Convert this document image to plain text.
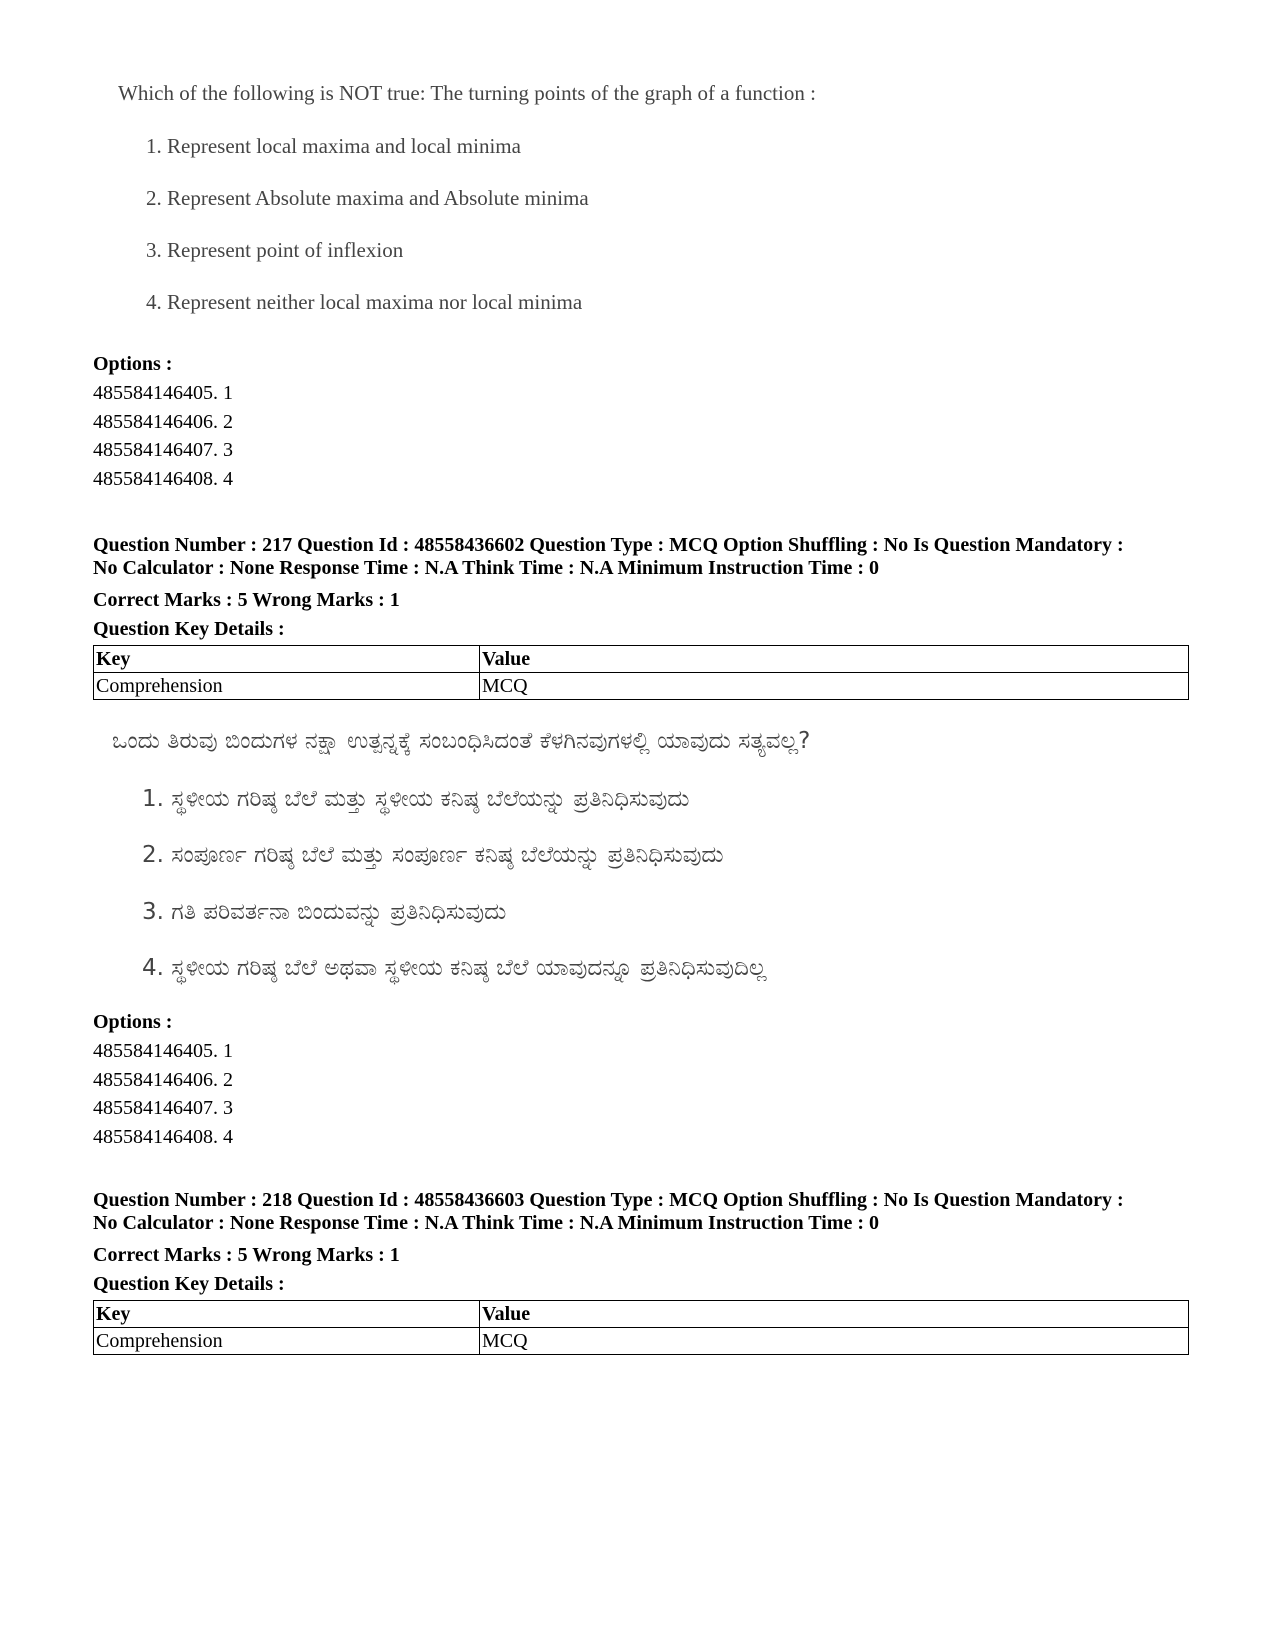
Which of the following is NOT true: The turning points of the graph of a function :
1. Represent local maxima and local minima
2. Represent Absolute maxima and Absolute minima
3. Represent point of inflexion
4. Represent neither local maxima nor local minima
Options :
485584146405. 1
485584146406. 2
485584146407. 3
485584146408. 4
Question Number : 217 Question Id : 48558436602 Question Type : MCQ Option Shuffling : No Is Question Mandatory :
No Calculator : None Response Time : N.A Think Time : N.A Minimum Instruction Time : 0
Correct Marks : 5 Wrong Marks : 1
Question Key Details :
Key	Value
Comprehension	MCQ
ಒಂದು ತಿರುವು ಬಿಂದುಗಳ ನಕ್ಷಾ ಉತ್ಪನ್ನಕ್ಕೆ ಸಂಬಂಧಿಸಿದಂತೆ ಕೆಳಗಿನವುಗಳಲ್ಲಿ ಯಾವುದು ಸತ್ಯವಲ್ಲ?
1. ಸ್ಥಳೀಯ ಗರಿಷ್ಠ ಬೆಲೆ ಮತ್ತು ಸ್ಥಳೀಯ ಕನಿಷ್ಠ ಬೆಲೆಯನ್ನು ಪ್ರತಿನಿಧಿಸುವುದು
2. ಸಂಪೂರ್ಣ ಗರಿಷ್ಠ ಬೆಲೆ ಮತ್ತು ಸಂಪೂರ್ಣ ಕನಿಷ್ಠ ಬೆಲೆಯನ್ನು ಪ್ರತಿನಿಧಿಸುವುದು
3. ಗತಿ ಪರಿವರ್ತನಾ ಬಿಂದುವನ್ನು ಪ್ರತಿನಿಧಿಸುವುದು
4. ಸ್ಥಳೀಯ ಗರಿಷ್ಠ ಬೆಲೆ ಅಥವಾ ಸ್ಥಳೀಯ ಕನಿಷ್ಠ ಬೆಲೆ ಯಾವುದನ್ನೂ ಪ್ರತಿನಿಧಿಸುವುದಿಲ್ಲ
Options :
485584146405. 1
485584146406. 2
485584146407. 3
485584146408. 4
Question Number : 218 Question Id : 48558436603 Question Type : MCQ Option Shuffling : No Is Question Mandatory :
No Calculator : None Response Time : N.A Think Time : N.A Minimum Instruction Time : 0
Correct Marks : 5 Wrong Marks : 1
Question Key Details :
Key	Value
Comprehension	MCQ
